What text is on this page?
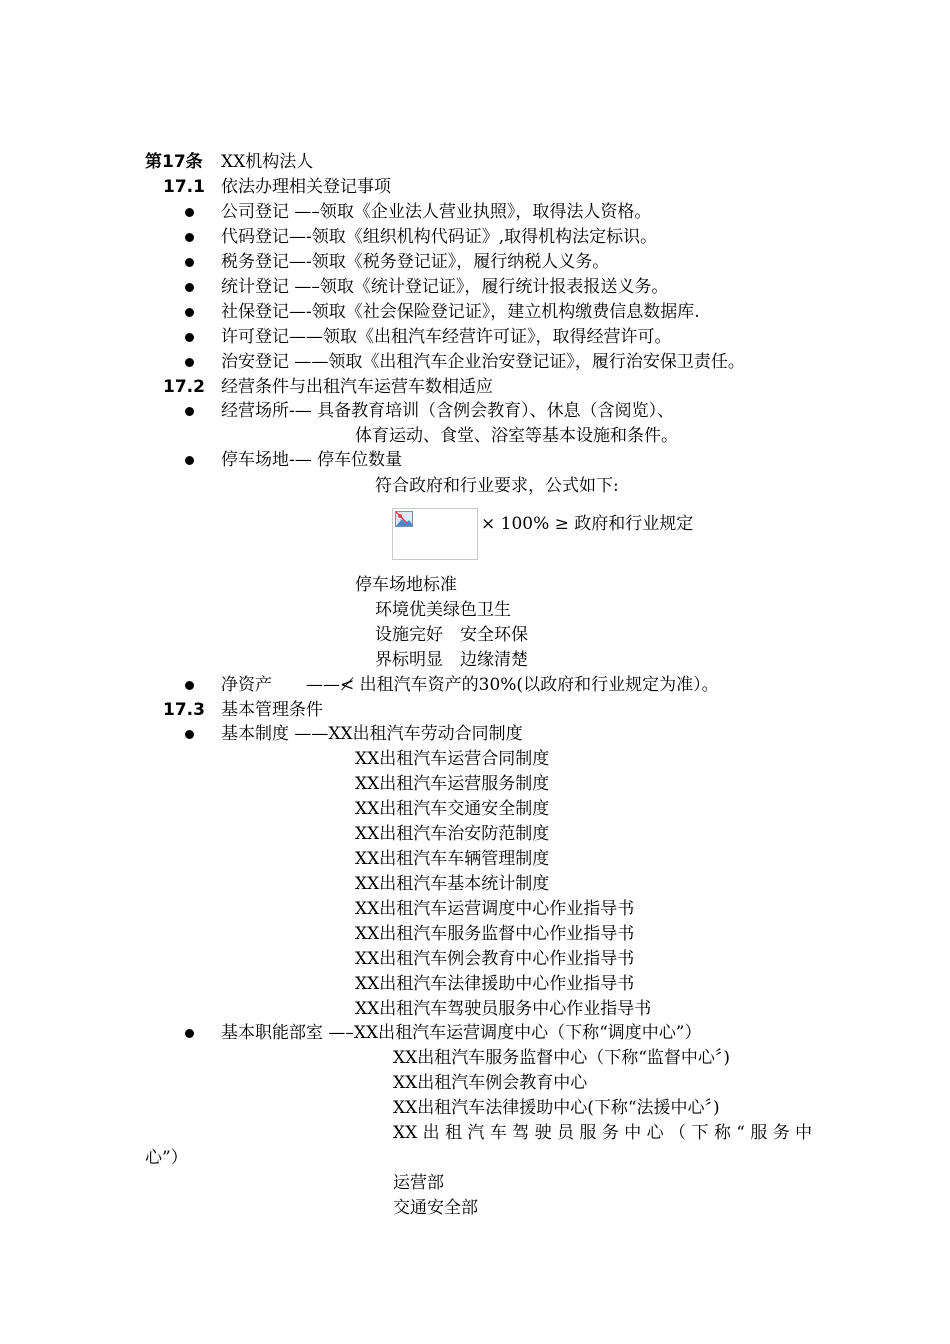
第17条 XX机构法人
17.1 依法办理相关登记事项
公司登记 —–领取《企业法人营业执照》，取得法人资格。
代码登记—-领取《组织机构代码证》,取得机构法定标识。
税务登记—-领取《税务登记证》，履行纳税人义务。
统计登记 —–领取《统计登记证》，履行统计报表报送义务。
社保登记—-领取《社会保险登记证》，建立机构缴费信息数据库.
许可登记——领取《出租汽车经营许可证》，取得经营许可。
治安登记 ——领取《出租汽车企业治安登记证》，履行治安保卫责任。
17.2 经营条件与出租汽车运营车数相适应
经营场所-— 具备教育培训（含例会教育）、休息（含阅览）、
体育运动、食堂、浴室等基本设施和条件。
停车场地-— 停车位数量
符合政府和行业要求，公式如下:
× 100% ≥ 政府和行业规定
停车场地标准
环境优美绿色卫生
设施完好　安全环保
界标明显　边缘清楚
净资产　　——≮ 出租汽车资产的30%(以政府和行业规定为准）。
17.3 基本管理条件
基本制度 ——XX出租汽车劳动合同制度
XX出租汽车运营合同制度
XX出租汽车运营服务制度
XX出租汽车交通安全制度
XX出租汽车治安防范制度
XX出租汽车车辆管理制度
XX出租汽车基本统计制度
XX出租汽车运营调度中心作业指导书
XX出租汽车服务监督中心作业指导书
XX出租汽车例会教育中心作业指导书
XX出租汽车法律援助中心作业指导书
XX出租汽车驾驶员服务中心作业指导书
基本职能部室 —–XX出租汽车运营调度中心（下称“调度中心”）
XX出租汽车服务监督中心（下称“监督中心〞)
XX出租汽车例会教育中心
XX出租汽车法律援助中心(下称“法援中心〞)
XX 出 租 汽 车 驾 驶 员 服 务 中 心 （ 下 称 “ 服 务 中
心”）
运营部
交通安全部
